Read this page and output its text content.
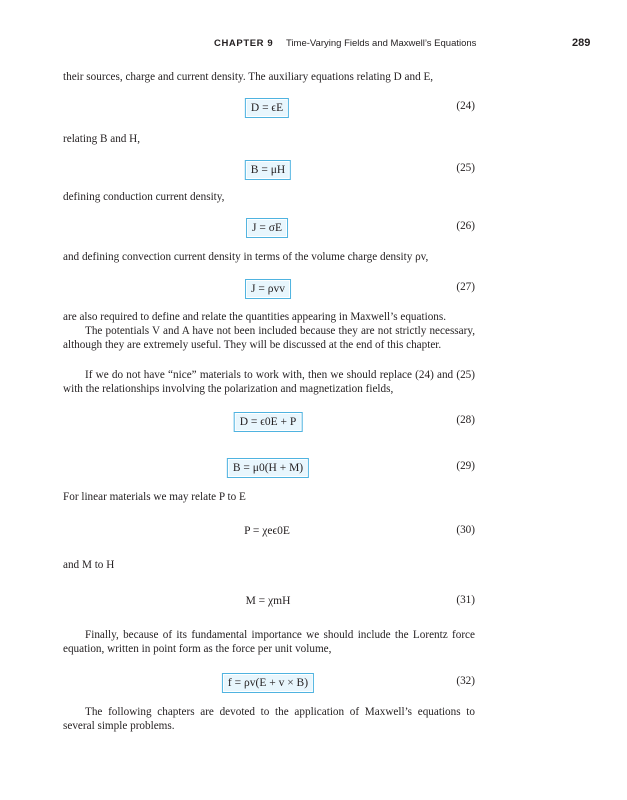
CHAPTER 9 Time-Varying Fields and Maxwell’s Equations	289
their sources, charge and current density. The auxiliary equations relating D and E,
D = ϵE	(24)
relating B and H,
B = μH	(25)
defining conduction current density,
J = σE	(26)
and defining convection current density in terms of the volume charge density ρv,
J = ρvv	(27)
are also required to define and relate the quantities appearing in Maxwell’s equations.
The potentials V and A have not been included because they are not strictly necessary, although they are extremely useful. They will be discussed at the end of this chapter.
If we do not have “nice” materials to work with, then we should replace (24) and (25) with the relationships involving the polarization and magnetization fields,
D = ϵ0E + P	(28)
B = μ0(H + M)	(29)
For linear materials we may relate P to E
P = χeϵ0E	(30)
and M to H
M = χmH	(31)
Finally, because of its fundamental importance we should include the Lorentz force equation, written in point form as the force per unit volume,
f = ρv(E + v × B)	(32)
The following chapters are devoted to the application of Maxwell’s equations to several simple problems.
